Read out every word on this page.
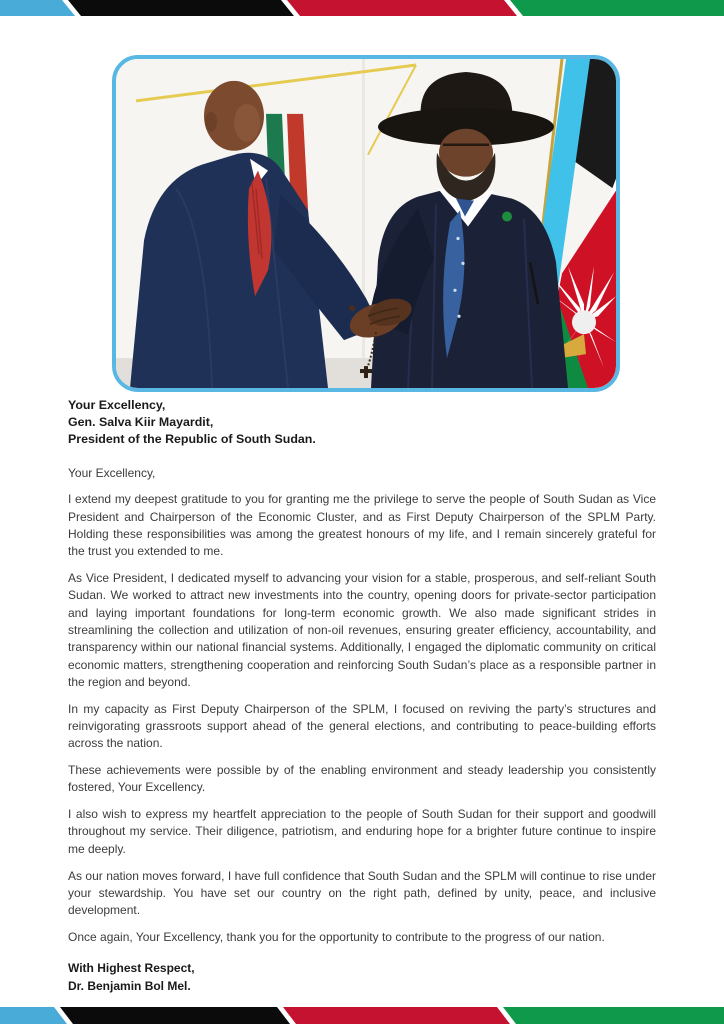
Your Excellency,
Gen. Salva Kiir Mayardit,
President of the Republic of South Sudan.
Your Excellency,

I extend my deepest gratitude to you for granting me the privilege to serve the people of South Sudan as Vice President and Chairperson of the Economic Cluster, and as First Deputy Chairperson of the SPLM Party. Holding these responsibilities was among the greatest honours of my life, and I remain sincerely grateful for the trust you extended to me.

As Vice President, I dedicated myself to advancing your vision for a stable, prosperous, and self-reliant South Sudan. We worked to attract new investments into the country, opening doors for private-sector participation and laying important foundations for long-term economic growth. We also made significant strides in streamlining the collection and utilization of non-oil revenues, ensuring greater efficiency, accountability, and transparency within our national financial systems. Additionally, I engaged the diplomatic community on critical economic matters, strengthening cooperation and reinforcing South Sudan’s place as a responsible partner in the region and beyond.

In my capacity as First Deputy Chairperson of the SPLM, I focused on reviving the party’s structures and reinvigorating grassroots support ahead of the general elections, and contributing to peace-building efforts across the nation.

These achievements were possible by of the enabling environment and steady leadership you consistently fostered, Your Excellency.

I also wish to express my heartfelt appreciation to the people of South Sudan for their support and goodwill throughout my service. Their diligence, patriotism, and enduring hope for a brighter future continue to inspire me deeply.

As our nation moves forward, I have full confidence that South Sudan and the SPLM will continue to rise under your stewardship. You have set our country on the right path, defined by unity, peace, and inclusive development.

Once again, Your Excellency, thank you for the opportunity to contribute to the progress of our nation.

With Highest Respect,
Dr. Benjamin Bol Mel.
